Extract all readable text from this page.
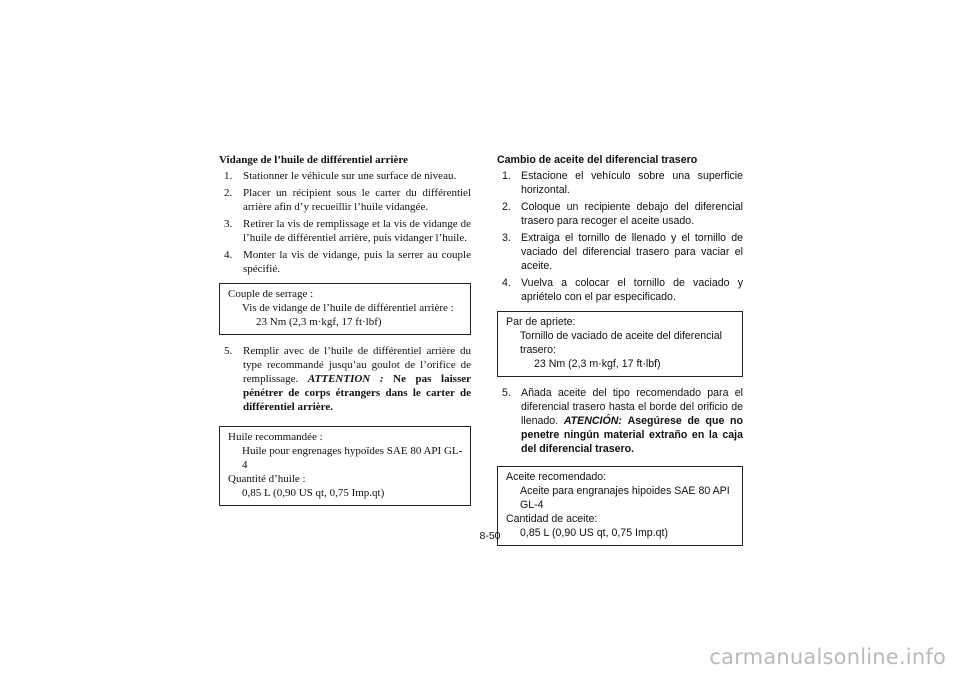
Vidange de l’huile de différentiel arrière
1. Stationner le véhicule sur une surface de niveau.
2. Placer un récipient sous le carter du différentiel arrière afin d’y recueillir l’huile vidangée.
3. Retirer la vis de remplissage et la vis de vidange de l’huile de différentiel arrière, puis vidanger l’huile.
4. Monter la vis de vidange, puis la serrer au couple spécifié.
Couple de serrage :
Vis de vidange de l’huile de différentiel arrière :
23 Nm (2,3 m·kgf, 17 ft·lbf)
5. Remplir avec de l’huile de différentiel arrière du type recommandé jusqu’au goulot de l’orifice de remplissage. ATTENTION : Ne pas laisser pénétrer de corps étrangers dans le carter de différentiel arrière.
Huile recommandée :
Huile pour engrenages hypoïdes SAE 80 API GL-4
Quantité d’huile :
0,85 L (0,90 US qt, 0,75 Imp.qt)
Cambio de aceite del diferencial trasero
1. Estacione el vehículo sobre una superficie horizontal.
2. Coloque un recipiente debajo del diferencial trasero para recoger el aceite usado.
3. Extraiga el tornillo de llenado y el tornillo de vaciado del diferencial trasero para vaciar el aceite.
4. Vuelva a colocar el tornillo de vaciado y apriételo con el par especificado.
Par de apriete:
Tornillo de vaciado de aceite del diferencial trasero:
23 Nm (2,3 m·kgf, 17 ft·lbf)
5. Añada aceite del tipo recomendado para el diferencial trasero hasta el borde del orificio de llenado. ATENCIÓN: Asegúrese de que no penetre ningún material extraño en la caja del diferencial trasero.
Aceite recomendado:
Aceite para engranajes hipoides SAE 80 API GL-4
Cantidad de aceite:
0,85 L (0,90 US qt, 0,75 Imp.qt)
8-50
carmanualsonline.info
